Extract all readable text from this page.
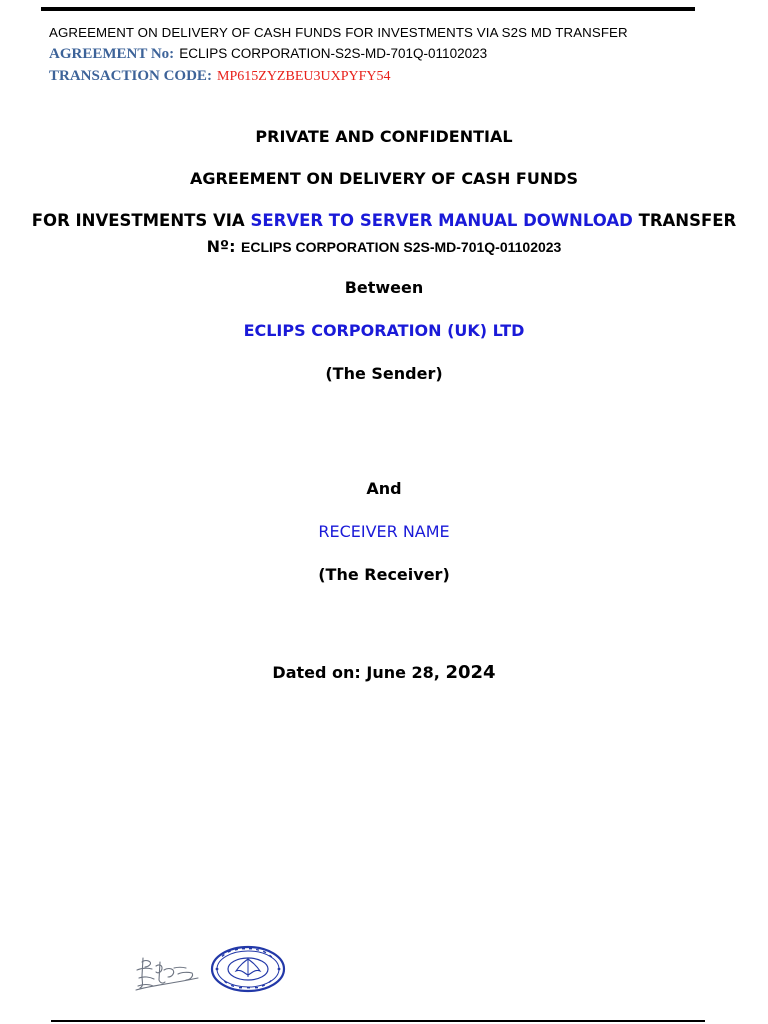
AGREEMENT ON DELIVERY OF CASH FUNDS FOR INVESTMENTS VIA S2S MD TRANSFER
AGREEMENT No: ECLIPS CORPORATION-S2S-MD-701Q-01102023
TRANSACTION CODE: MP615ZYZBEU3UXPYFY54
PRIVATE AND CONFIDENTIAL
AGREEMENT ON DELIVERY OF CASH FUNDS
FOR INVESTMENTS VIA SERVER TO SERVER MANUAL DOWNLOAD TRANSFER
Nº: ECLIPS CORPORATION S2S-MD-701Q-01102023
Between
ECLIPS CORPORATION (UK) LTD
(The Sender)
And
RECEIVER NAME
(The Receiver)
Dated on: June 28, 2024
